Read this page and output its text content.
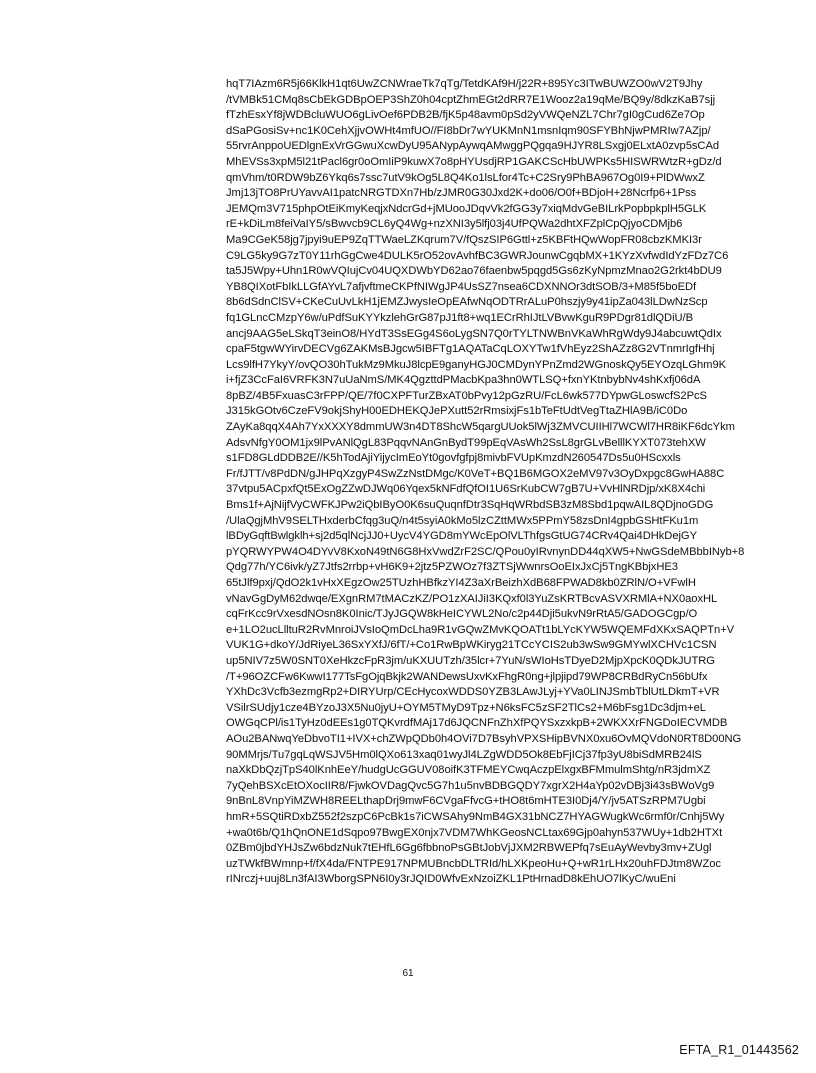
hqT7IAzm6R5j66KlkH1qt6UwZCNWraeTk7qTg/TetdKAf9H/j22R+895Yc3ITwBUWZO0wV2T9Jhy
/tVMBk51CMq8sCbEkGDBpOEP3ShZ0h04cptZhmEGt2dRR7E1Wooz2a19qMe/BQ9y/8dkzKaB7sjj
fTzhEsxYf8jWDBcluWUO6gLivOef6PDB2B/fjK5p48avm0pSd2yVWQeNZL7Chr7gI0gCud6Ze7Op
dSaPGosiSv+nc1K0CehXjjvOWHt4mfUO//FI8bDr7wYUKMnN1msnIqm90SFYBhNjwPMRIw7AZjp/
55rvrAnppoUEDlgnExVrGGwuXcwDyU95ANypAywqAMwggPQgqa9HJYR8LSxgj0ELxtA0zvp5sCAd
MhEVSs3xpM5l21tPacl6gr0oOmIiP9kuwX7o8pHYUsdjRP1GAKCScHbUWPKs5HISWRWtzR+gDz/d
qmVhm/t0RDW9bZ6Ykq6s7ssc7utV9kOg5L8Q4Ko1lsLfor4Tc+C2Sry9PhBA967Og0I9+PlDWwxZ
Jmj13jTO8PrUYavvAI1patcNRGTDXn7Hb/zJMR0G30Jxd2K+do06/O0f+BDjoH+28Ncrfp6+1Pss
JEMQm3V715phpOtEiKmyKeqjxNdcrGd+jMUooJDqvVk2fGG3y7xiqMdvGeBILrkPopbpkplH5GLK
rE+kDiLm8feiVaIY5/sBwvcb9CL6yQ4Wg+nzXNI3y5lfj03j4UfPQWa2dhtXFZplCpQjyoCDMjb6
Ma9CGeK58jg7jpyi9uEP9ZqTTWaeLZKqrum7V/fQszSIP6Gttl+z5KBFtHQwWopFR08cbzKMKI3r
C9LG5ky9G7zT0Y11rhGgCwe4DULK5rO52ovAvhfBC3GWRJounwCgqbMX+1KYzXvfwdIdYzFDz7C6
ta5J5Wpy+Uhn1R0wVQIujCv04UQXDWbYD62ao76faenbw5pqgd5Gs6zKyNpmzMnao2G2rkt4bDU9
YB8QIXotFbIkLLGfAYvL7afjvftmeCKPfNIWgJP4UsSZ7nsea6CDXNNOr3dtSOB/3+M85f5boEDf
8b6dSdnClSV+CKeCuUvLkH1jEMZJwysIeOpEAfwNqODTRrALuP0hszjy9y41ipZa043lLDwNzScp
fq1GLncCMzpY6w/uPdfSuKYYkzlehGrG87pJ1ft8+wq1ECrRhIJtLVBvwKguR9PDgr81dlQDiU/B
ancj9AAG5eLSkqT3einO8/HYdT3SsEGg4S6oLygSN7Q0rTYLTNWBnVKaWhRgWdy9J4abcuwtQdIx
cpaF5tgwWYirvDECVg6ZAKMsBJgcw5IBFTg1AQATaCqLOXYTw1fVhEyz2ShAZz8G2VTnmrIgfHhj
Lcs9lfH7YkyY/ovQO30hTukMz9MkuJ8lcpE9ganyHGJ0CMDynYPnZmd2WGnoskQy5EYOzqLGhm9K
i+fjZ3CcFaI6VRFK3N7uUaNmS/MK4QgzttdPMacbKpa3hn0WTLSQ+fxnYKtnbybNv4shKxfj06dA
8pBZ/4B5FxuasC3rFPP/QE/7f0CXPFTurZBxAT0bPvy12pGzRU/FcL6wk577DYpwGLoswcfS2PcS
J315kGOtv6CzeFV9okjShyH00EDHEKQJePXutt52rRmsixjFs1bTeFtUdtVegTtaZHlA9B/iC0Do
ZAyKa8qqX4Ah7YxXXXY8dmmUW3n4DT8ShcW5qargUUok5lWj3ZMVCUIIHl7WCWl7HR8iKF6dcYkm
AdsvNfgY0OM1jx9lPvANlQgL83PqqvNAnGnBydT99pEqVAsWh2SsL8grGLvBelllKYXT073tehXW
s1FD8GLdDDB2E//K5hTodAjiYijycImEoYt0govfgfpj8mivbFVUpKmzdN260547Ds5u0HScxxls
Fr/fJTT/v8PdDN/gJHPqXzgyP4SwZzNstDMgc/K0VeT+BQ1B6MGOX2eMV97v3OyDxpgc8GwHA88C
37vtpu5ACpxfQt5ExOgZZwDJWq06Yqex5kNFdfQfOI1U6SrKubCW7gB7U+VvHlNRDjp/xK8X4chi
Bms1f+AjNijfVyCWFKJPw2iQbIByO0K6suQuqnfDtr3SqHqWRbdSB3zM8Sbd1pqwAIL8QDjnoGDG
/UlaQgjMhV9SELTHxderbCfqg3uQ/n4t5syiA0kMo5lzCZttMWx5PPmY58zsDnI4gpbGSHtFKu1m
lBDyGqftBwlgklh+sj2d5qlNcjJJ0+UycV4YGD8mYWcEpOlVLThfgsGtUG74CRv4Qai4DHkDejGY
pYQRWYPW4O4DYvV8KxoN49tN6G8HxVwdZrF2SC/QPou0yIRvnynDD44qXW5+NwGSdeMBbbINyb+8
Qdg77h/YC6ivk/yZ7Jtfs2rrbp+vH6K9+2jtz5PZWOz7f3ZTSjWwnrsOoEIxJxCj5TngKBbjxHE3
65tJlf9pxj/QdO2k1vHxXEgzOw25TUzhHBfkzYI4Z3aXrBeizhXdB68FPWAD8kb0ZRlN/O+VFwlH
vNavGgDyM62dwqe/EXgnRM7tMACzKZ/PO1zXAIJiI3KQxf0l3YuZsKRTBcvASVXRMlA+NX0aoxHL
cqFrKcc9rVxesdNOsn8K0Inic/TJyJGQW8kHeICYWL2No/c2p44Dji5ukvN9rRtA5/GADOGCgp/O
e+1LO2ucLlltuR2RvMnroiJVsIoQmDcLha9R1vGQwZMvKQOATt1bLYcKYW5WQEMFdXKxSAQPTn+V
VUK1G+dkoY/JdRiyeL36SxYXfJ/6fT/+Co1RwBpWKiryg21TCcYCIS2ub3wSw9GMYwlXCHVc1CSN
up5NIV7z5W0SNT0XeHkzcFpR3jm/uKXUUTzh/35lcr+7YuN/sWIoHsTDyeD2MjpXpcK0QDkJUTRG
/T+96OZCFw6KwwI177TsFgOjqBkjk2WANDewsUxvKxFhgR0ng+jlpjipd79WP8CRBdRyCn56bUfx
YXhDc3Vcfb3ezmgRp2+DIRYUrp/CEcHycoxWDDS0YZB3LAwJLyj+YVa0LINJSmbTblUtLDkmT+VR
VSilrSUdjy1cze4BYzoJ3X5Nu0jyU+OYM5TMyD9Tpz+N6ksFC5zSF2TlCs2+M6bFsg1Dc3djm+eL
OWGqCPl/is1TyHz0dEEs1g0TQKvrdfMAj17d6JQCNFnZhXfPQYSxzxkpB+2WKXXrFNGDoIECVMDB
AOu2BANwqYeDbvoTI1+IVX+chZWpQDb0h4OVi7D7BsyhVPXSHipBVNX0xu6OvMQVdoN0RT8D00NG
90MMrjs/Tu7gqLqWSJV5Hm0lQXo613xaq01wyJl4LZgWDD5Ok8EbFjICj37fp3yU8biSdMRB24lS
naXkDbQzjTpS40lKnhEeY/hudgUcGGUV08oifK3TFMEYCwqAczpElxgxBFMmulmShtg/nR3jdmXZ
7yQehBSXcEtOXocIIR8/FjwkOVDagQvc5G7h1u5nvBDBGQDY7xgrX2H4aYp02vDBj3i43sBWoVg9
9nBnL8VnpYiMZWH8REELthapDrj9mwF6CVgaFfvcG+tHO8t6mHTE3I0Dj4/Y/jv5ATSzRPM7Ugbi
hmR+5SQtiRDxbZ552f2szpC6PcBk1s7iCWSAhy9NmB4GX31bNCZ7HYAGWugkWc6rmf0r/Cnhj5Wy
+wa0t6b/Q1hQnONE1dSqpo97BwgEX0njx7VDM7WhKGeosNCLtax69Gjp0ahyn537WUy+1db2HTXt
0ZBm0jbdYHJsZw6bdzNuk7tEHfL6Gg6fbbnoPsGBtJobVjJXM2RBWEPfq7sEuAyWevby3mv+ZUgl
uzTWkfBWmnp+f/fX4da/FNTPE917NPMUBncbDLTRId/hLXKpeoHu+Q+wR1rLHx20uhFDJtm8WZoc
rINrczj+uuj8Ln3fAI3WborgSPN6I0y3rJQID0WfvExNzoiZKL1PtHrnadD8kEhUO7lKyC/wuEni
61
EFTA_R1_01443562
